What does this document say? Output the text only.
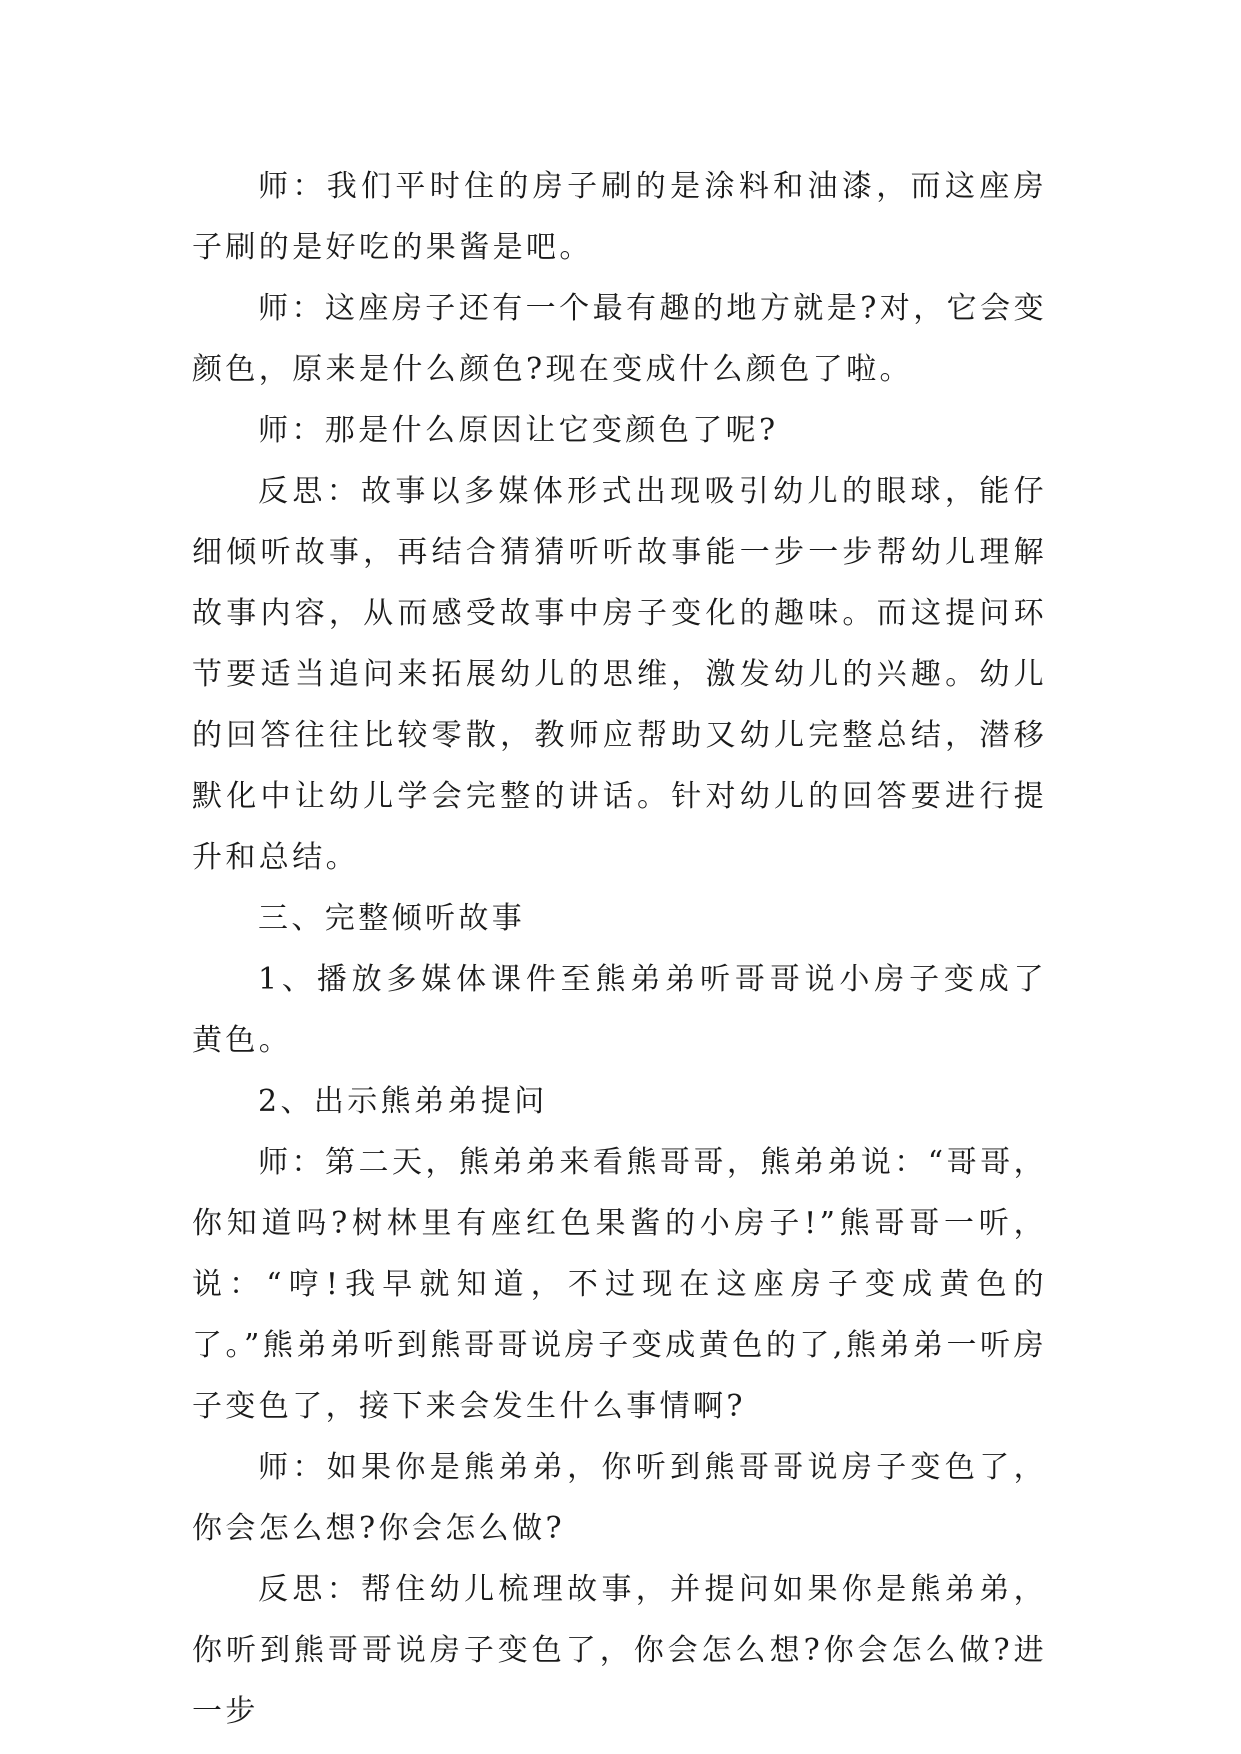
师：我们平时住的房子刷的是涂料和油漆，而这座房子刷的是好吃的果酱是吧。

师：这座房子还有一个最有趣的地方就是?对，它会变颜色，原来是什么颜色?现在变成什么颜色了啦。

师：那是什么原因让它变颜色了呢?

反思：故事以多媒体形式出现吸引幼儿的眼球，能仔细倾听故事，再结合猜猜听听故事能一步一步帮幼儿理解故事内容，从而感受故事中房子变化的趣味。而这提问环节要适当追问来拓展幼儿的思维，激发幼儿的兴趣。幼儿的回答往往比较零散，教师应帮助又幼儿完整总结，潜移默化中让幼儿学会完整的讲话。针对幼儿的回答要进行提升和总结。

三、完整倾听故事

1、播放多媒体课件至熊弟弟听哥哥说小房子变成了黄色。

2、出示熊弟弟提问

师：第二天，熊弟弟来看熊哥哥，熊弟弟说：“哥哥，你知道吗?树林里有座红色果酱的小房子!”熊哥哥一听，说：“哼!我早就知道，不过现在这座房子变成黄色的了。”熊弟弟听到熊哥哥说房子变成黄色的了,熊弟弟一听房子变色了，接下来会发生什么事情啊?

师：如果你是熊弟弟，你听到熊哥哥说房子变色了，你会怎么想?你会怎么做?

反思：帮住幼儿梳理故事，并提问如果你是熊弟弟，你听到熊哥哥说房子变色了，你会怎么想?你会怎么做?进一步
